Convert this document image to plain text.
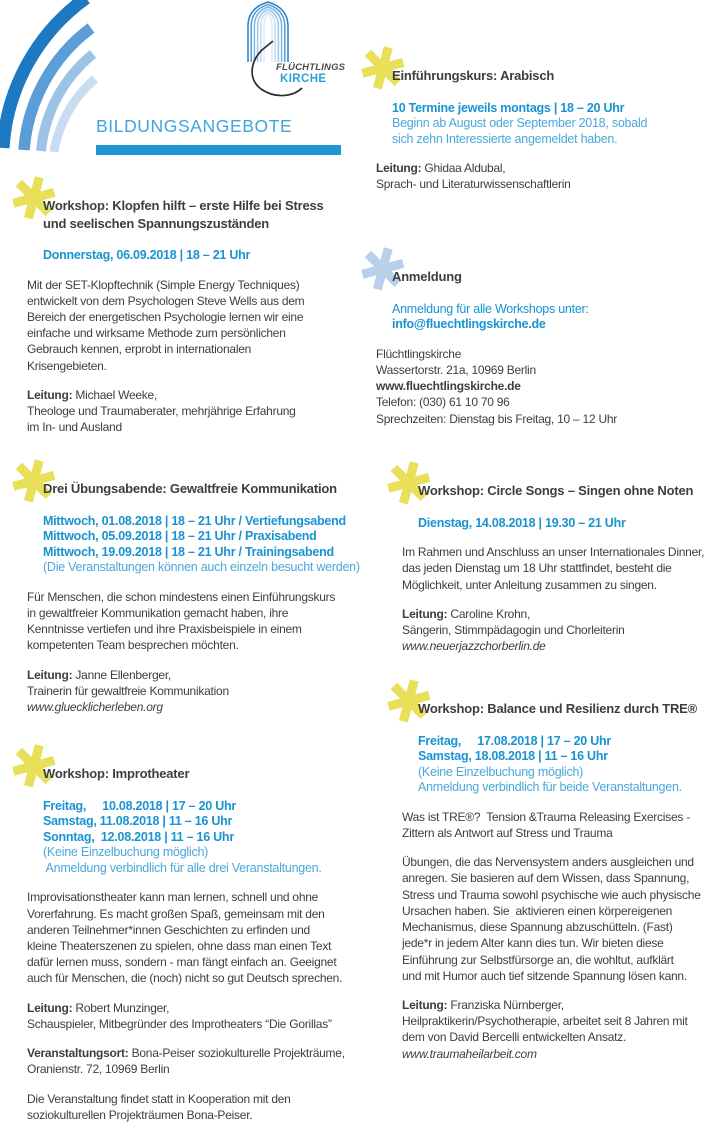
FLÜCHTLINGS
KIRCHE
BILDUNGSANGEBOTE
✱
Workshop: Klopfen hilft – erste Hilfe bei Stress
und seelischen Spannungszuständen
Donnerstag, 06.09.2018 | 18 – 21 Uhr
Mit der SET-Klopftechnik (Simple Energy Techniques)
entwickelt von dem Psychologen Steve Wells aus dem
Bereich der energetischen Psychologie lernen wir eine
einfache und wirksame Methode zum persönlichen
Gebrauch kennen, erprobt in internationalen
Krisengebieten.
Leitung: Michael Weeke,
Theologe und Traumaberater, mehrjährige Erfahrung
im In- und Ausland
✱
Drei Übungsabende: Gewaltfreie Kommunikation
Mittwoch, 01.08.2018 | 18 – 21 Uhr / Vertiefungsabend
Mittwoch, 05.09.2018 | 18 – 21 Uhr / Praxisabend
Mittwoch, 19.09.2018 | 18 – 21 Uhr / Trainingsabend
(Die Veranstaltungen können auch einzeln besucht werden)
Für Menschen, die schon mindestens einen Einführungskurs
in gewaltfreier Kommunikation gemacht haben, ihre
Kenntnisse vertiefen und ihre Praxisbeispiele in einem
kompetenten Team besprechen möchten.
Leitung: Janne Ellenberger,
Trainerin für gewaltfreie Kommunikation
www.gluecklicherleben.org
✱
Workshop: Improtheater
Freitag,     10.08.2018 | 17 – 20 Uhr
Samstag, 11.08.2018 | 11 – 16 Uhr
Sonntag,  12.08.2018 | 11 – 16 Uhr
(Keine Einzelbuchung möglich)
Anmeldung verbindlich für alle drei Veranstaltungen.
Improvisationstheater kann man lernen, schnell und ohne
Vorerfahrung. Es macht großen Spaß, gemeinsam mit den
anderen Teilnehmer*innen Geschichten zu erfinden und
kleine Theaterszenen zu spielen, ohne dass man einen Text
dafür lernen muss, sondern - man fängt einfach an. Geeignet
auch für Menschen, die (noch) nicht so gut Deutsch sprechen.
Leitung: Robert Munzinger,
Schauspieler, Mitbegründer des Improtheaters “Die Gorillas”
Veranstaltungsort: Bona-Peiser soziokulturelle Projekträume,
Oranienstr. 72, 10969 Berlin
Die Veranstaltung findet statt in Kooperation mit den
soziokulturellen Projekträumen Bona-Peiser.
✱
Einführungskurs: Arabisch
10 Termine jeweils montags | 18 – 20 Uhr
Beginn ab August oder September 2018, sobald
sich zehn Interessierte angemeldet haben.
Leitung: Ghidaa Aldubal,
Sprach- und Literaturwissenschaftlerin
✱
Anmeldung
Anmeldung für alle Workshops unter:
info@fluechtlingskirche.de
Flüchtlingskirche
Wassertorstr. 21a, 10969 Berlin
www.fluechtlingskirche.de
Telefon: (030) 61 10 70 96
Sprechzeiten: Dienstag bis Freitag, 10 – 12 Uhr
✱
Workshop: Circle Songs – Singen ohne Noten
Dienstag, 14.08.2018 | 19.30 – 21 Uhr
Im Rahmen und Anschluss an unser Internationales Dinner,
das jeden Dienstag um 18 Uhr stattfindet, besteht die
Möglichkeit, unter Anleitung zusammen zu singen.
Leitung: Caroline Krohn,
Sängerin, Stimmpädagogin und Chorleiterin
www.neuerjazzchorberlin.de
✱
Workshop: Balance und Resilienz durch TRE®
Freitag,     17.08.2018 | 17 – 20 Uhr
Samstag, 18.08.2018 | 11 – 16 Uhr
(Keine Einzelbuchung möglich)
Anmeldung verbindlich für beide Veranstaltungen.
Was ist TRE®?  Tension &Trauma Releasing Exercises -
Zittern als Antwort auf Stress und Trauma
Übungen, die das Nervensystem anders ausgleichen und
anregen. Sie basieren auf dem Wissen, dass Spannung,
Stress und Trauma sowohl psychische wie auch physische
Ursachen haben. Sie  aktivieren einen körpereigenen
Mechanismus, diese Spannung abzuschütteln. (Fast)
jede*r in jedem Alter kann dies tun. Wir bieten diese
Einführung zur Selbstfürsorge an, die wohltut, aufklärt
und mit Humor auch tief sitzende Spannung lösen kann.
Leitung: Franziska Nürnberger,
Heilpraktikerin/Psychotherapie, arbeitet seit 8 Jahren mit
dem von David Bercelli entwickelten Ansatz.
www.traumaheilarbeit.com
